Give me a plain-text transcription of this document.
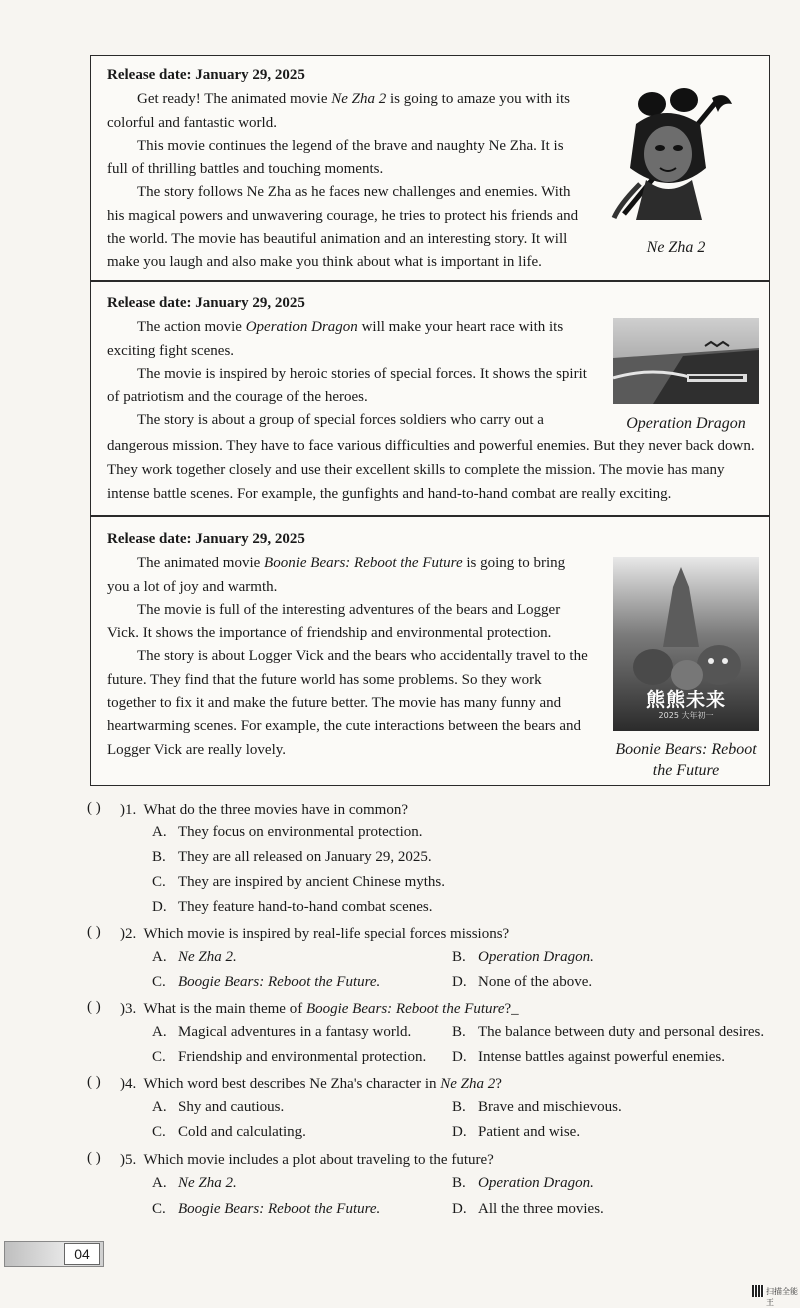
Release date: January 29, 2025
Get ready! The animated movie Ne Zha 2 is going to amaze you with its colorful and fantastic world.
This movie continues the legend of the brave and naughty Ne Zha. It is full of thrilling battles and touching moments.
The story follows Ne Zha as he faces new challenges and enemies. With his magical powers and unwavering courage, he tries to protect his friends and the world. The movie has beautiful animation and an interesting story. It will make you laugh and also make you think about what is important in life.
Ne Zha 2
Release date: January 29, 2025
The action movie Operation Dragon will make your heart race with its exciting fight scenes.
The movie is inspired by heroic stories of special forces. It shows the spirit of patriotism and the courage of the heroes.
The story is about a group of special forces soldiers who carry out a
dangerous mission. They have to face various difficulties and powerful enemies. But they never back down. They work together closely and use their excellent skills to complete the mission. The movie has many intense battle scenes. For example, the gunfights and hand-to-hand combat are really exciting.
Operation Dragon
Release date: January 29, 2025
The animated movie Boonie Bears: Reboot the Future is going to bring you a lot of joy and warmth.
The movie is full of the interesting adventures of the bears and Logger Vick. It shows the importance of friendship and environmental protection.
The story is about Logger Vick and the bears who accidentally travel to the future. They find that the future world has some problems. So they work together to fix it and make the future better. The movie has many funny and heartwarming scenes. For example, the cute interactions between the bears and Logger Vick are really lovely.
熊熊未来
2025 大年初一
Boonie Bears: Reboot
the Future
( ) )1. What do the three movies have in common?
A. They focus on environmental protection.
B. They are all released on January 29, 2025.
C. They are inspired by ancient Chinese myths.
D. They feature hand-to-hand combat scenes.
( ) )2. Which movie is inspired by real-life special forces missions?
A. Ne Zha 2.	B. Operation Dragon.
C. Boogie Bears: Reboot the Future.	D. None of the above.
( ) )3. What is the main theme of Boogie Bears: Reboot the Future?_
A. Magical adventures in a fantasy world.	B. The balance between duty and personal desires.
C. Friendship and environmental protection. D. Intense battles against powerful enemies.
( ) )4. Which word best describes Ne Zha's character in Ne Zha 2?
A. Shy and cautious.	B. Brave and mischievous.
C. Cold and calculating.	D. Patient and wise.
( ) )5. Which movie includes a plot about traveling to the future?
A. Ne Zha 2.	B. Operation Dragon.
C. Boogie Bears: Reboot the Future.	D. All the three movies.
04
扫描全能王
